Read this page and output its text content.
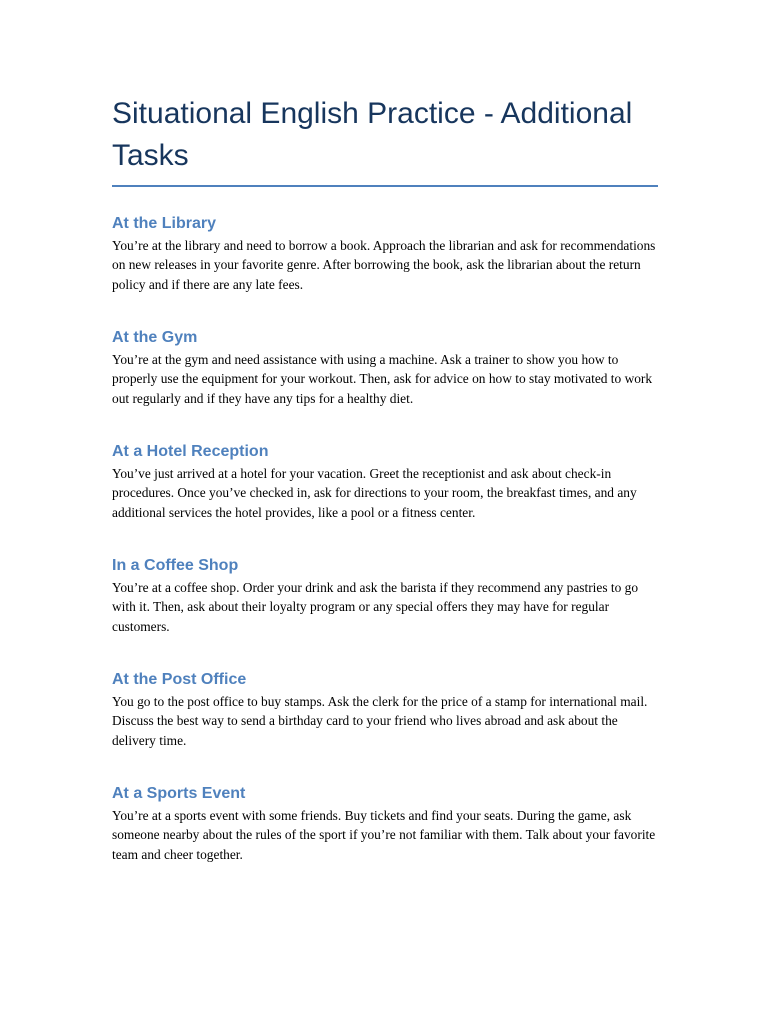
Situational English Practice - Additional Tasks
At the Library

You’re at the library and need to borrow a book. Approach the librarian and ask for recommendations on new releases in your favorite genre. After borrowing the book, ask the librarian about the return policy and if there are any late fees.

At the Gym

You’re at the gym and need assistance with using a machine. Ask a trainer to show you how to properly use the equipment for your workout. Then, ask for advice on how to stay motivated to work out regularly and if they have any tips for a healthy diet.

At a Hotel Reception

You’ve just arrived at a hotel for your vacation. Greet the receptionist and ask about check-in procedures. Once you’ve checked in, ask for directions to your room, the breakfast times, and any additional services the hotel provides, like a pool or a fitness center.

In a Coffee Shop

You’re at a coffee shop. Order your drink and ask the barista if they recommend any pastries to go with it. Then, ask about their loyalty program or any special offers they may have for regular customers.

At the Post Office

You go to the post office to buy stamps. Ask the clerk for the price of a stamp for international mail. Discuss the best way to send a birthday card to your friend who lives abroad and ask about the delivery time.

At a Sports Event

You’re at a sports event with some friends. Buy tickets and find your seats. During the game, ask someone nearby about the rules of the sport if you’re not familiar with them. Talk about your favorite team and cheer together.
